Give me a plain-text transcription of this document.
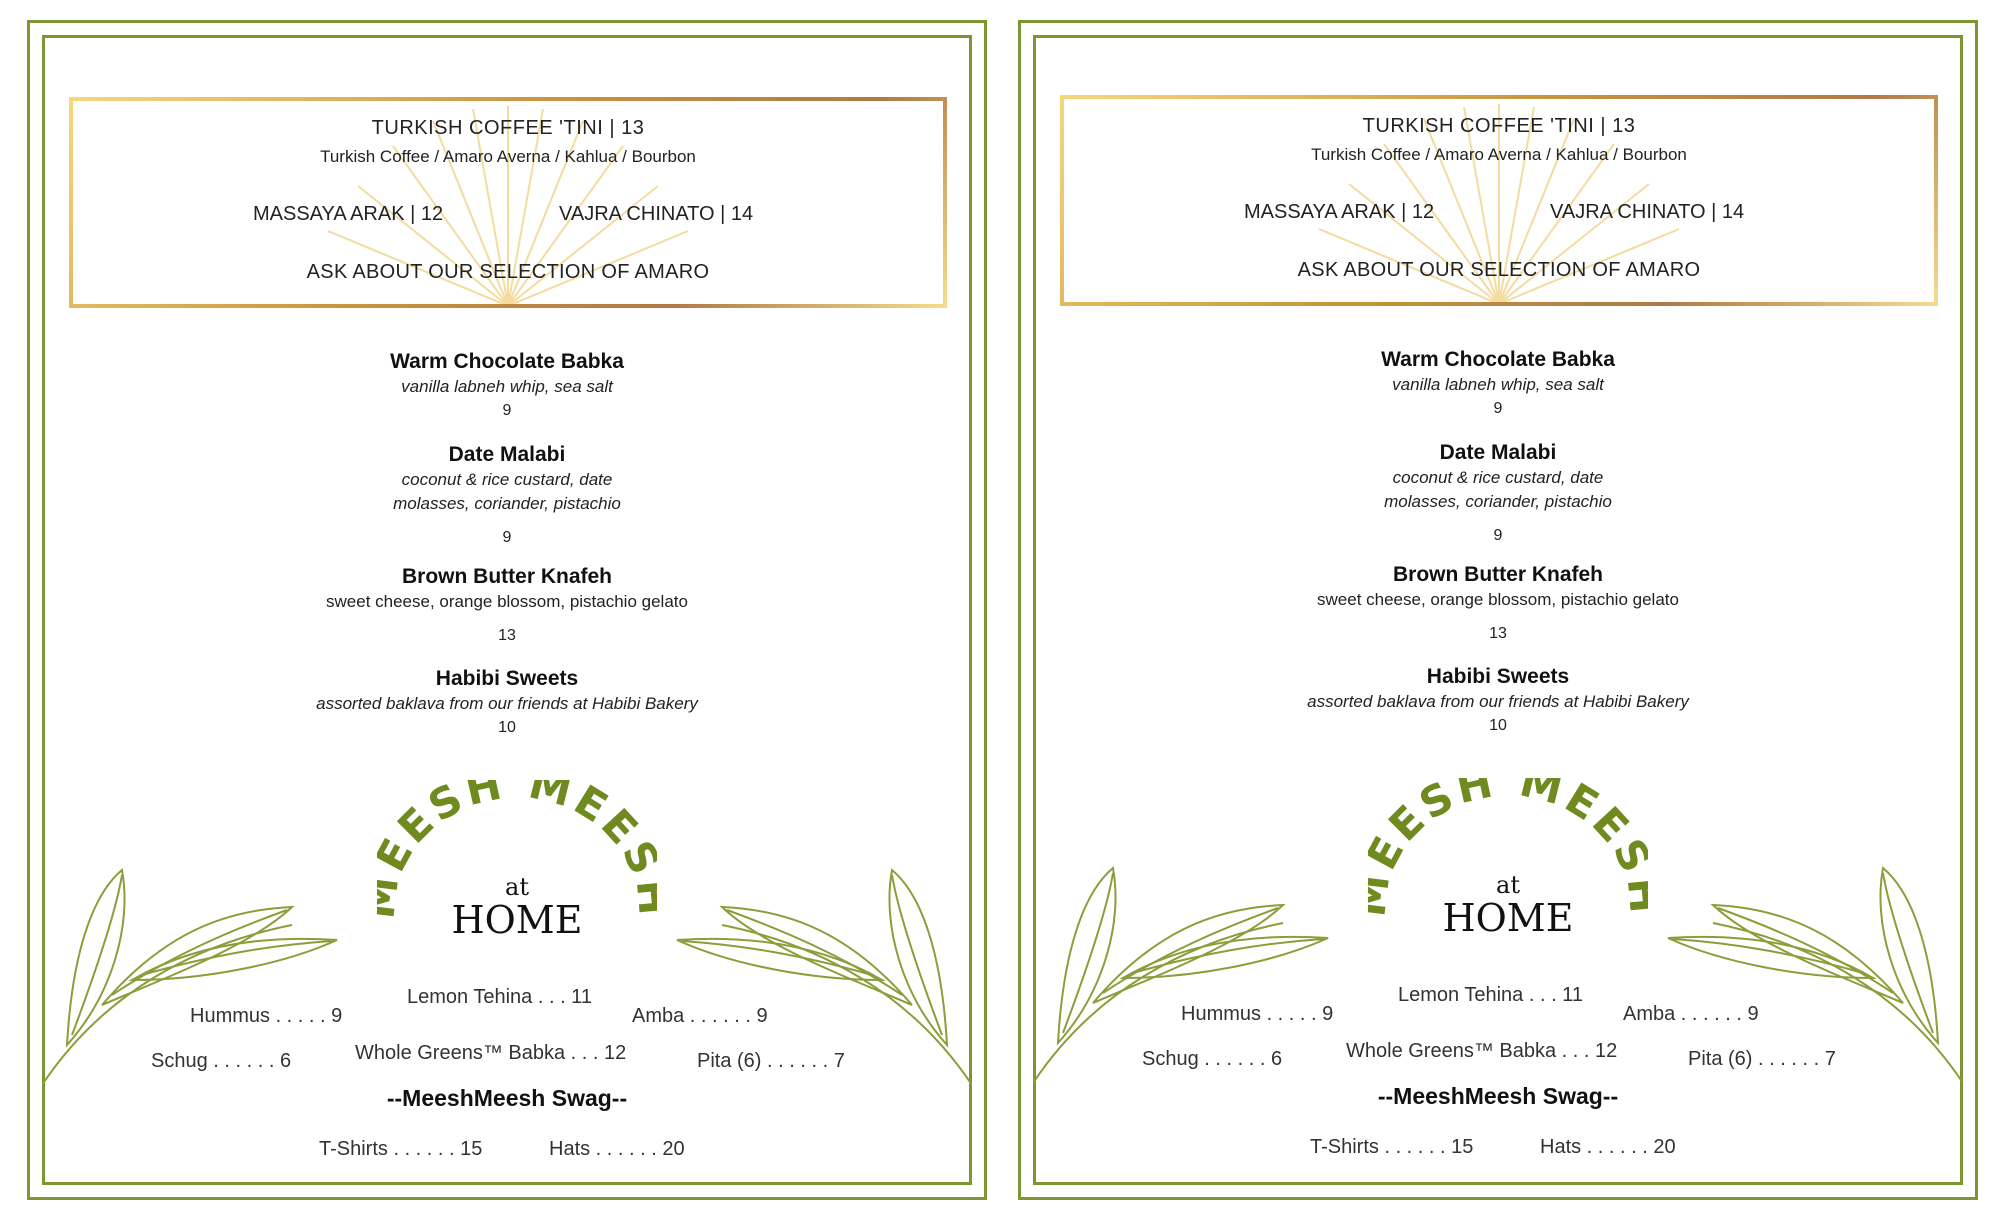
TURKISH COFFEE 'TINI | 13
Turkish Coffee / Amaro Averna / Kahlua / Bourbon
MASSAYA ARAK | 12	VAJRA CHINATO | 14
ASK ABOUT OUR SELECTION OF AMARO
Warm Chocolate Babka
vanilla labneh whip, sea salt
9
Date Malabi
coconut & rice custard, date
molasses, coriander, pistachio
9
Brown Butter Knafeh
sweet cheese, orange blossom, pistachio gelato
13
Habibi Sweets
assorted baklava from our friends at Habibi Bakery
10
ESH MEE
at
HOME
Hummus . . . . . 9
Lemon Tehina . . . 11
Amba . . . . . . 9
Schug . . . . . . 6	Whole Greens™ Babka . . . 12	Pita (6) . . . . . . 7
--MeeshMeesh Swag--
T-Shirts . . . . . . 15	Hats . . . . . . 20
TURKISH COFFEE 'TINI | 13
Turkish Coffee / Amaro Averna / Kahlua / Bourbon
MASSAYA ARAK | 12	VAJRA CHINATO | 14
ASK ABOUT OUR SELECTION OF AMARO
Warm Chocolate Babka
vanilla labneh whip, sea salt
9
Date Malabi
coconut & rice custard, date
molasses, coriander, pistachio
9
Brown Butter Knafeh
sweet cheese, orange blossom, pistachio gelato
13
Habibi Sweets
assorted baklava from our friends at Habibi Bakery
10
ESH MEE
at
HOME
Hummus . . . . . 9
Lemon Tehina . . . 11
Amba . . . . . . 9
Schug . . . . . . 6	Whole Greens™ Babka . . . 12	Pita (6) . . . . . . 7
--MeeshMeesh Swag--
T-Shirts . . . . . . 15	Hats . . . . . . 20
